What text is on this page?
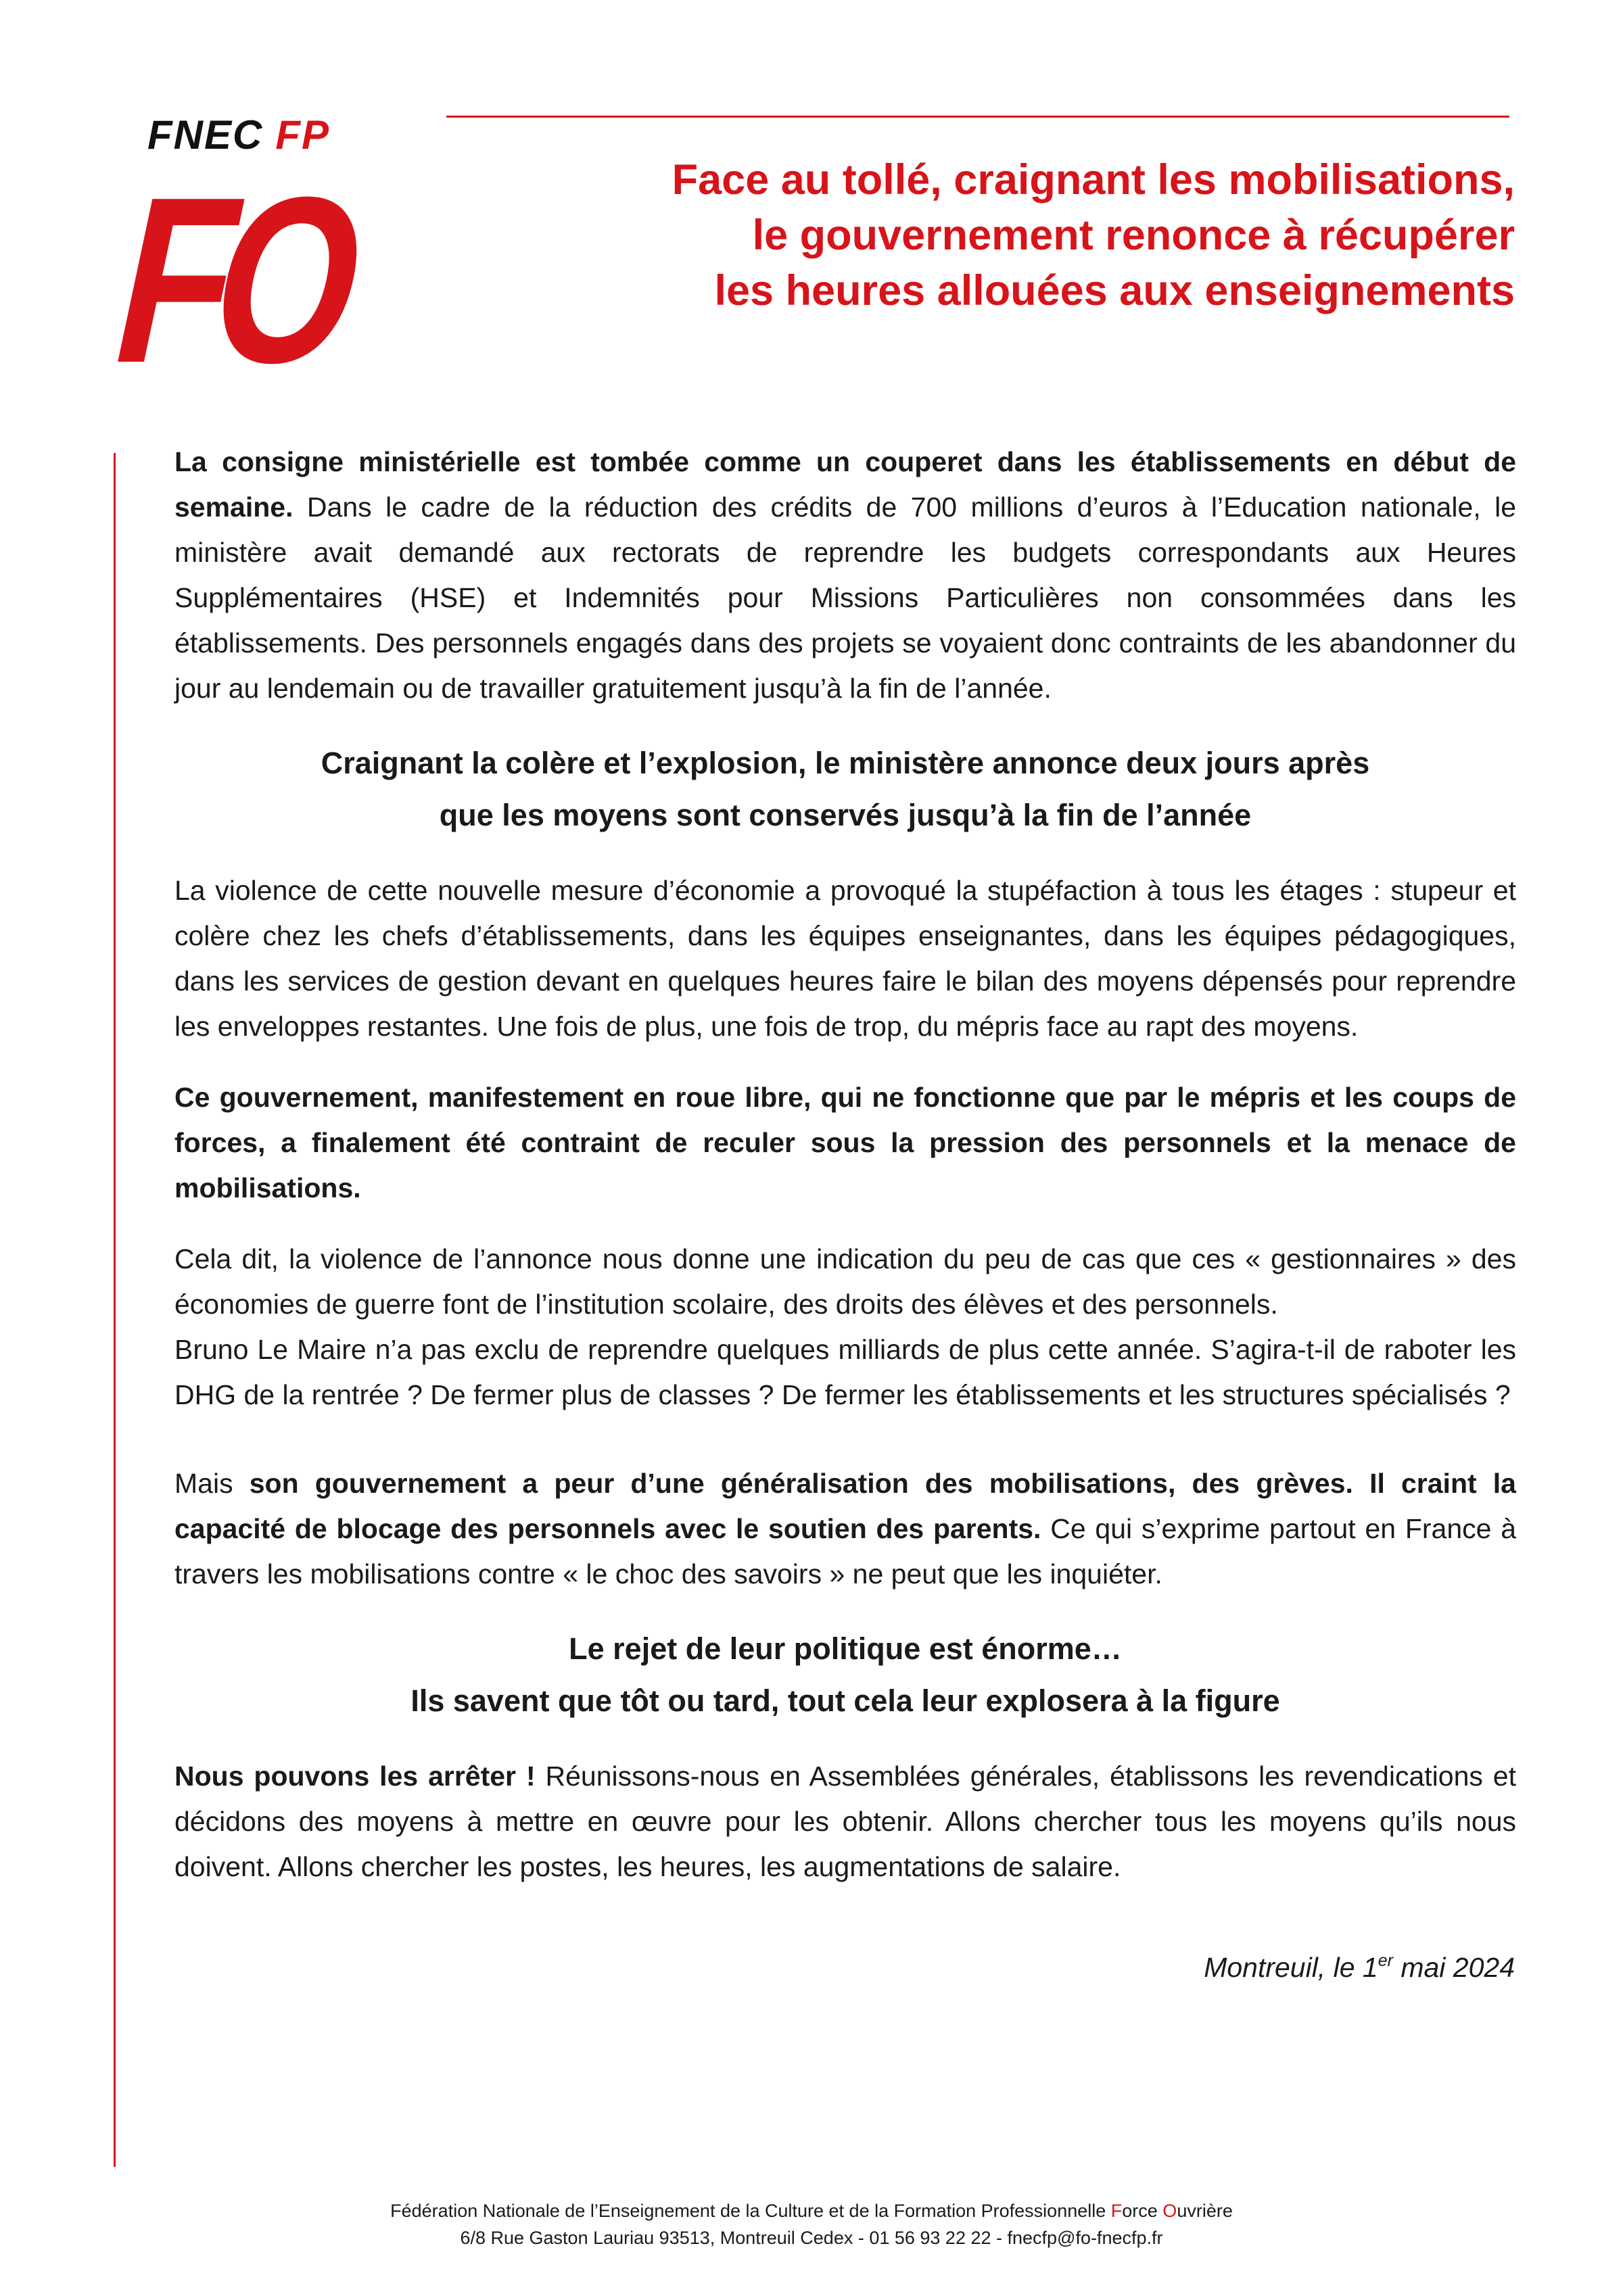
FNEC FP
FO	Face au tollé, craignant les mobilisations,
le gouvernement renonce à récupérer
les heures allouées aux enseignements

La consigne ministérielle est tombée comme un couperet dans les établissements en début de semaine. Dans le cadre de la réduction des crédits de 700 millions d’euros à l’Education nationale, le ministère avait demandé aux rectorats de reprendre les budgets correspondants aux Heures Supplémentaires (HSE) et Indemnités pour Missions Particulières non consommées dans les établissements. Des personnels engagés dans des projets se voyaient donc contraints de les abandonner du jour au lendemain ou de travailler gratuitement jusqu’à la fin de l’année.

Craignant la colère et l’explosion, le ministère annonce deux jours après
que les moyens sont conservés jusqu’à la fin de l’année

La violence de cette nouvelle mesure d’économie a provoqué la stupéfaction à tous les étages : stupeur et colère chez les chefs d’établissements, dans les équipes enseignantes, dans les équipes pédagogiques, dans les services de gestion devant en quelques heures faire le bilan des moyens dépensés pour reprendre les enveloppes restantes. Une fois de plus, une fois de trop, du mépris face au rapt des moyens.

Ce gouvernement, manifestement en roue libre, qui ne fonctionne que par le mépris et les coups de forces, a finalement été contraint de reculer sous la pression des personnels et la menace de mobilisations.

Cela dit, la violence de l’annonce nous donne une indication du peu de cas que ces « gestionnaires » des économies de guerre font de l’institution scolaire, des droits des élèves et des personnels.

Bruno Le Maire n’a pas exclu de reprendre quelques milliards de plus cette année. S’agira-t-il de raboter les DHG de la rentrée ? De fermer plus de classes ? De fermer les établissements et les structures spécialisés ?

Mais son gouvernement a peur d’une généralisation des mobilisations, des grèves. Il craint la capacité de blocage des personnels avec le soutien des parents. Ce qui s’exprime partout en France à travers les mobilisations contre « le choc des savoirs » ne peut que les inquiéter.

Le rejet de leur politique est énorme…
Ils savent que tôt ou tard, tout cela leur explosera à la figure

Nous pouvons les arrêter ! Réunissons-nous en Assemblées générales, établissons les revendications et décidons des moyens à mettre en œuvre pour les obtenir. Allons chercher tous les moyens qu’ils nous doivent. Allons chercher les postes, les heures, les augmentations de salaire.

Montreuil, le 1er mai 2024
Fédération Nationale de l’Enseignement de la Culture et de la Formation Professionnelle Force Ouvrière
6/8 Rue Gaston Lauriau 93513, Montreuil Cedex - 01 56 93 22 22 - fnecfp@fo-fnecfp.fr
